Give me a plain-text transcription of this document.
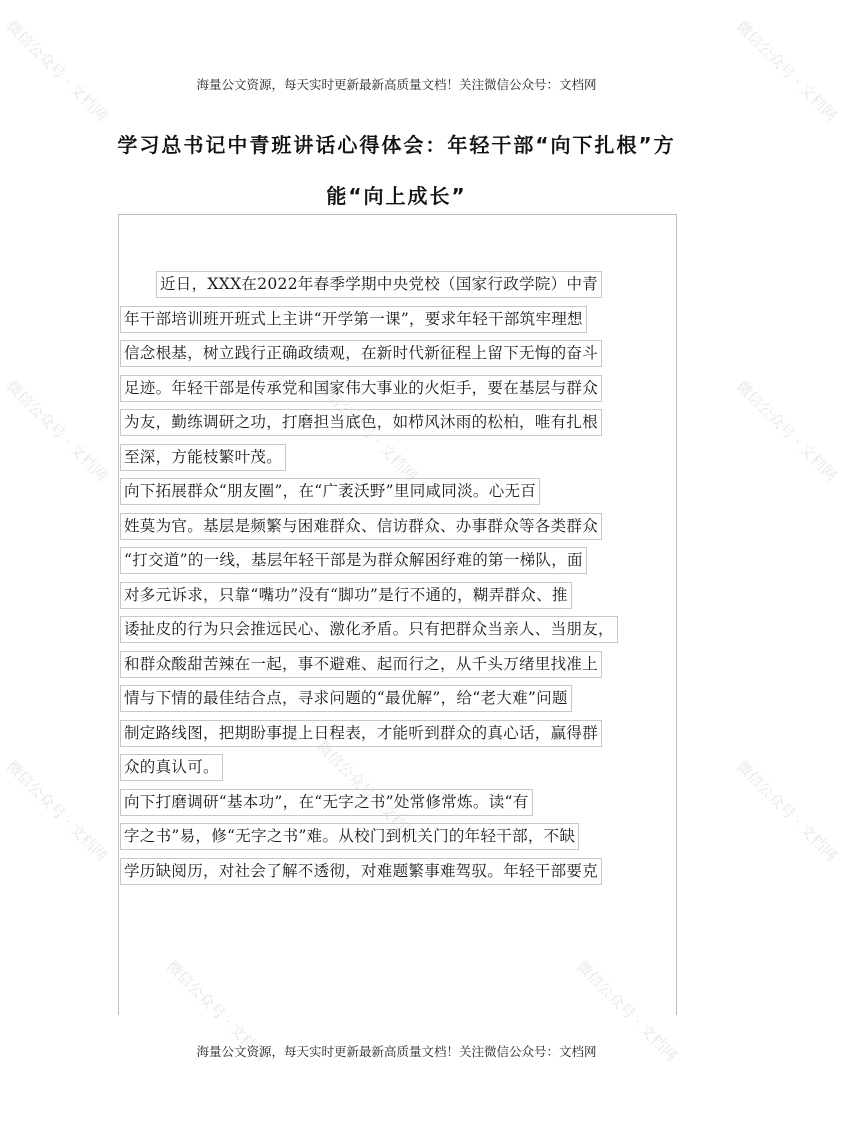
微信公众号 · 文档网	微信公众号 · 文档网
微信公众号 · 文档网
微信公众号 · 文档网	微信公众号 · 文档网
微信公众号 · 文档网
微信公众号 · 文档网	微信公众号 · 文档网
微信公众号 · 文档网	微信公众号 · 文档网
海量公文资源，每天实时更新最新高质量文档！关注微信公众号：文档网
学习总书记中青班讲话心得体会：年轻干部“向下扎根”方
能“向上成长”
近日，XXX在2022年春季学期中央党校（国家行政学院）中青
年干部培训班开班式上主讲“开学第一课”，要求年轻干部筑牢理想
信念根基，树立践行正确政绩观，在新时代新征程上留下无悔的奋斗
足迹。年轻干部是传承党和国家伟大事业的火炬手，要在基层与群众
为友，勤练调研之功，打磨担当底色，如栉风沐雨的松柏，唯有扎根
至深，方能枝繁叶茂。
向下拓展群众“朋友圈”，在“广袤沃野”里同咸同淡。心无百
姓莫为官。基层是频繁与困难群众、信访群众、办事群众等各类群众
“打交道”的一线，基层年轻干部是为群众解困纾难的第一梯队，面
对多元诉求，只靠“嘴功”没有“脚功”是行不通的，糊弄群众、推
诿扯皮的行为只会推远民心、激化矛盾。只有把群众当亲人、当朋友，
和群众酸甜苦辣在一起，事不避难、起而行之，从千头万绪里找准上
情与下情的最佳结合点，寻求问题的“最优解”，给“老大难”问题
制定路线图，把期盼事提上日程表，才能听到群众的真心话，赢得群
众的真认可。
向下打磨调研“基本功”，在“无字之书”处常修常炼。读“有
字之书”易，修“无字之书”难。从校门到机关门的年轻干部，不缺
学历缺阅历，对社会了解不透彻，对难题繁事难驾驭。年轻干部要克
海量公文资源，每天实时更新最新高质量文档！关注微信公众号：文档网
